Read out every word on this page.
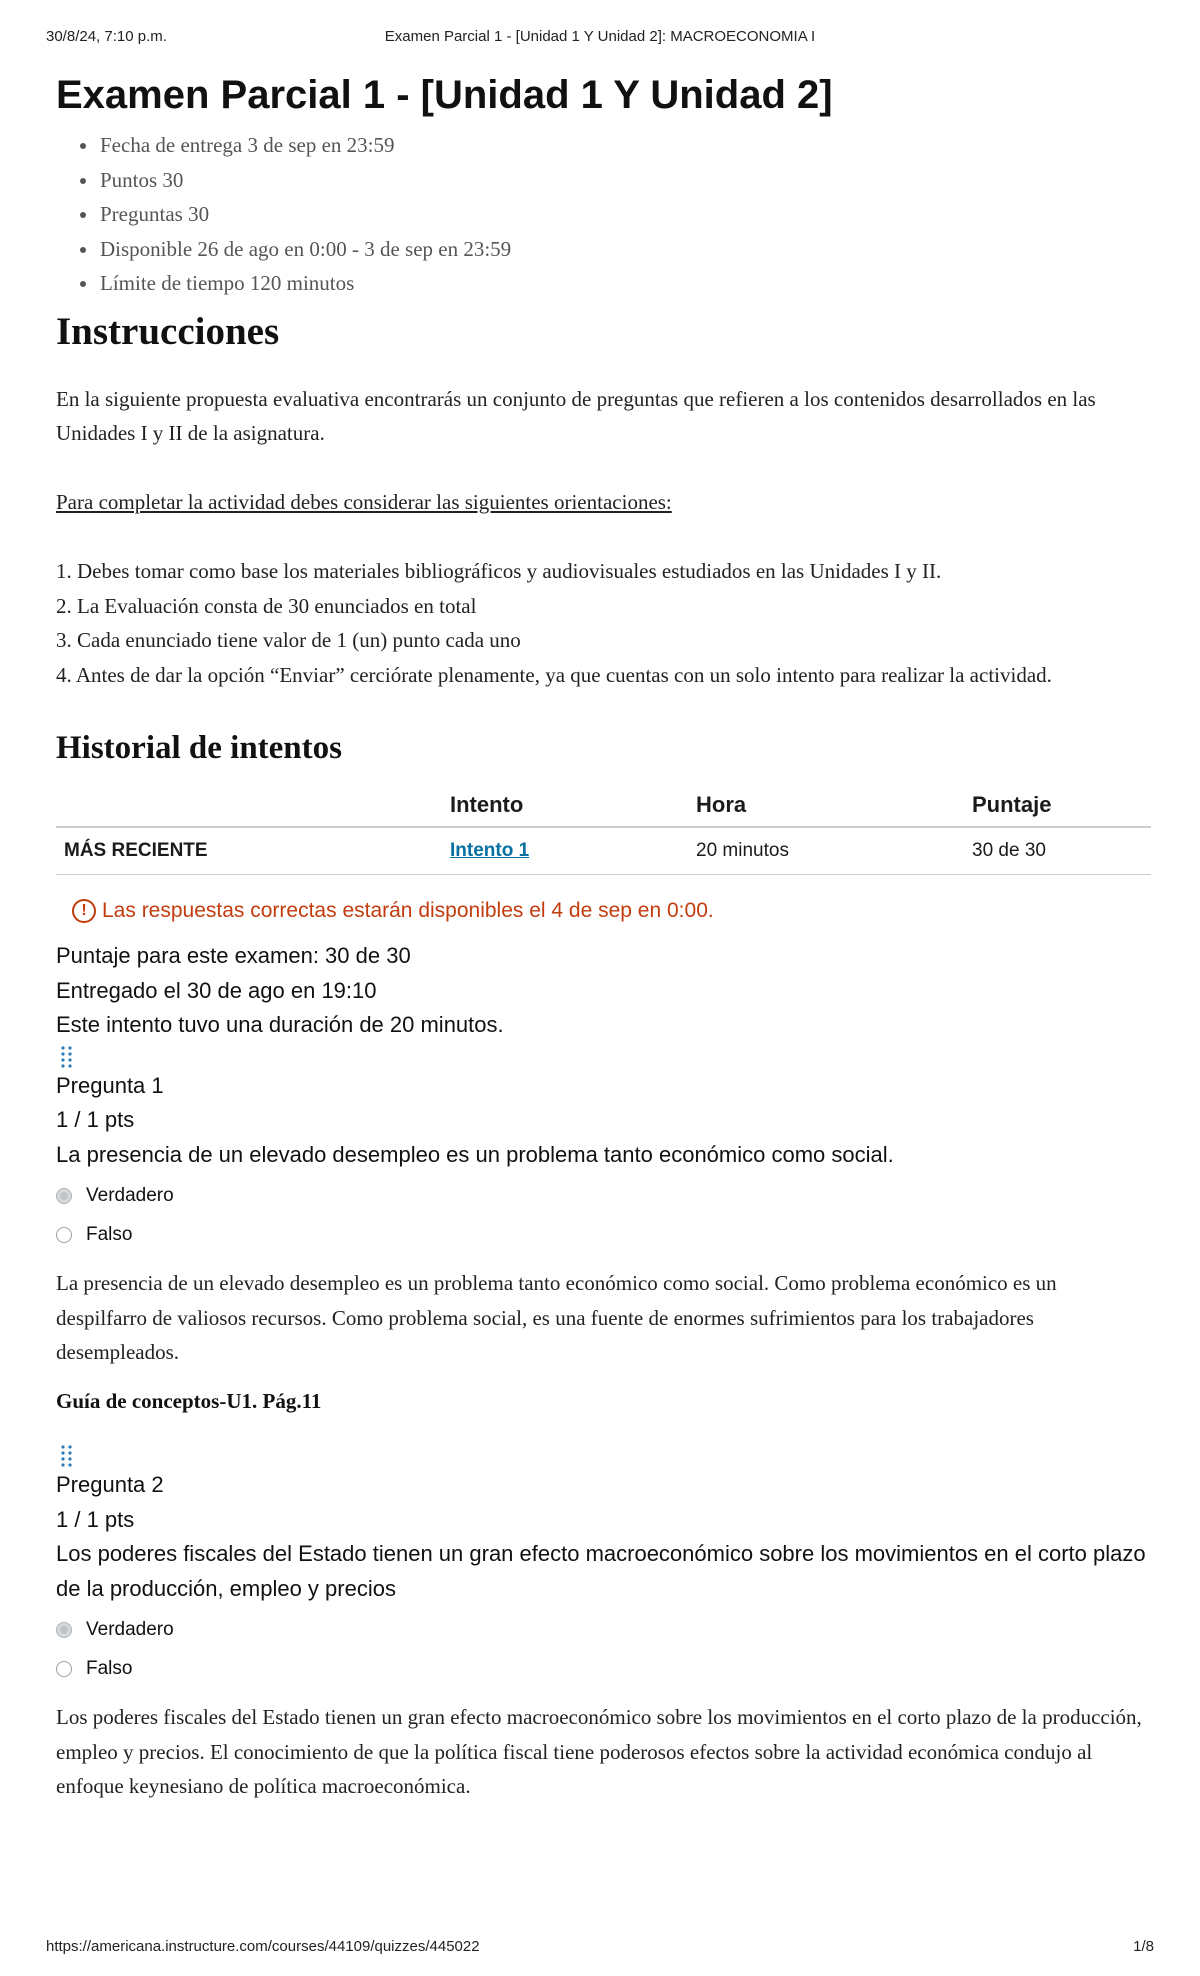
30/8/24, 7:10 p.m.	Examen Parcial 1 - [Unidad 1 Y Unidad 2]: MACROECONOMIA I
Examen Parcial 1 - [Unidad 1 Y Unidad 2]
Fecha de entrega 3 de sep en 23:59
Puntos 30
Preguntas 30
Disponible 26 de ago en 0:00 - 3 de sep en 23:59
Límite de tiempo 120 minutos
Instrucciones

En la siguiente propuesta evaluativa encontrarás un conjunto de preguntas que refieren a los contenidos desarrollados en las Unidades I y II de la asignatura.

Para completar la actividad debes considerar las siguientes orientaciones:

1. Debes tomar como base los materiales bibliográficos y audiovisuales estudiados en las Unidades I y II.

2. La Evaluación consta de 30 enunciados en total

3. Cada enunciado tiene valor de 1 (un) punto cada uno

4. Antes de dar la opción “Enviar” cerciórate plenamente, ya que cuentas con un solo intento para realizar la actividad.

Historial de intentos
	Intento	Hora	Puntaje
MÁS RECIENTE	Intento 1	20 minutos	30 de 30
! Las respuestas correctas estarán disponibles el 4 de sep en 0:00.
Puntaje para este examen: 30 de 30
Entregado el 30 de ago en 19:10
Este intento tuvo una duración de 20 minutos.
Pregunta 1
1 / 1 pts
La presencia de un elevado desempleo es un problema tanto económico como social.
Verdadero
Falso

La presencia de un elevado desempleo es un problema tanto económico como social. Como problema económico es un despilfarro de valiosos recursos. Como problema social, es una fuente de enormes sufrimientos para los trabajadores desempleados.

Guía de conceptos-U1. Pág.11
Pregunta 2
1 / 1 pts
Los poderes fiscales del Estado tienen un gran efecto macroeconómico sobre los movimientos en el corto plazo de la producción, empleo y precios
Verdadero
Falso

Los poderes fiscales del Estado tienen un gran efecto macroeconómico sobre los movimientos en el corto plazo de la producción, empleo y precios. El conocimiento de que la política fiscal tiene poderosos efectos sobre la actividad económica condujo al enfoque keynesiano de política macroeconómica.

https://americana.instructure.com/courses/44109/quizzes/445022	1/8
